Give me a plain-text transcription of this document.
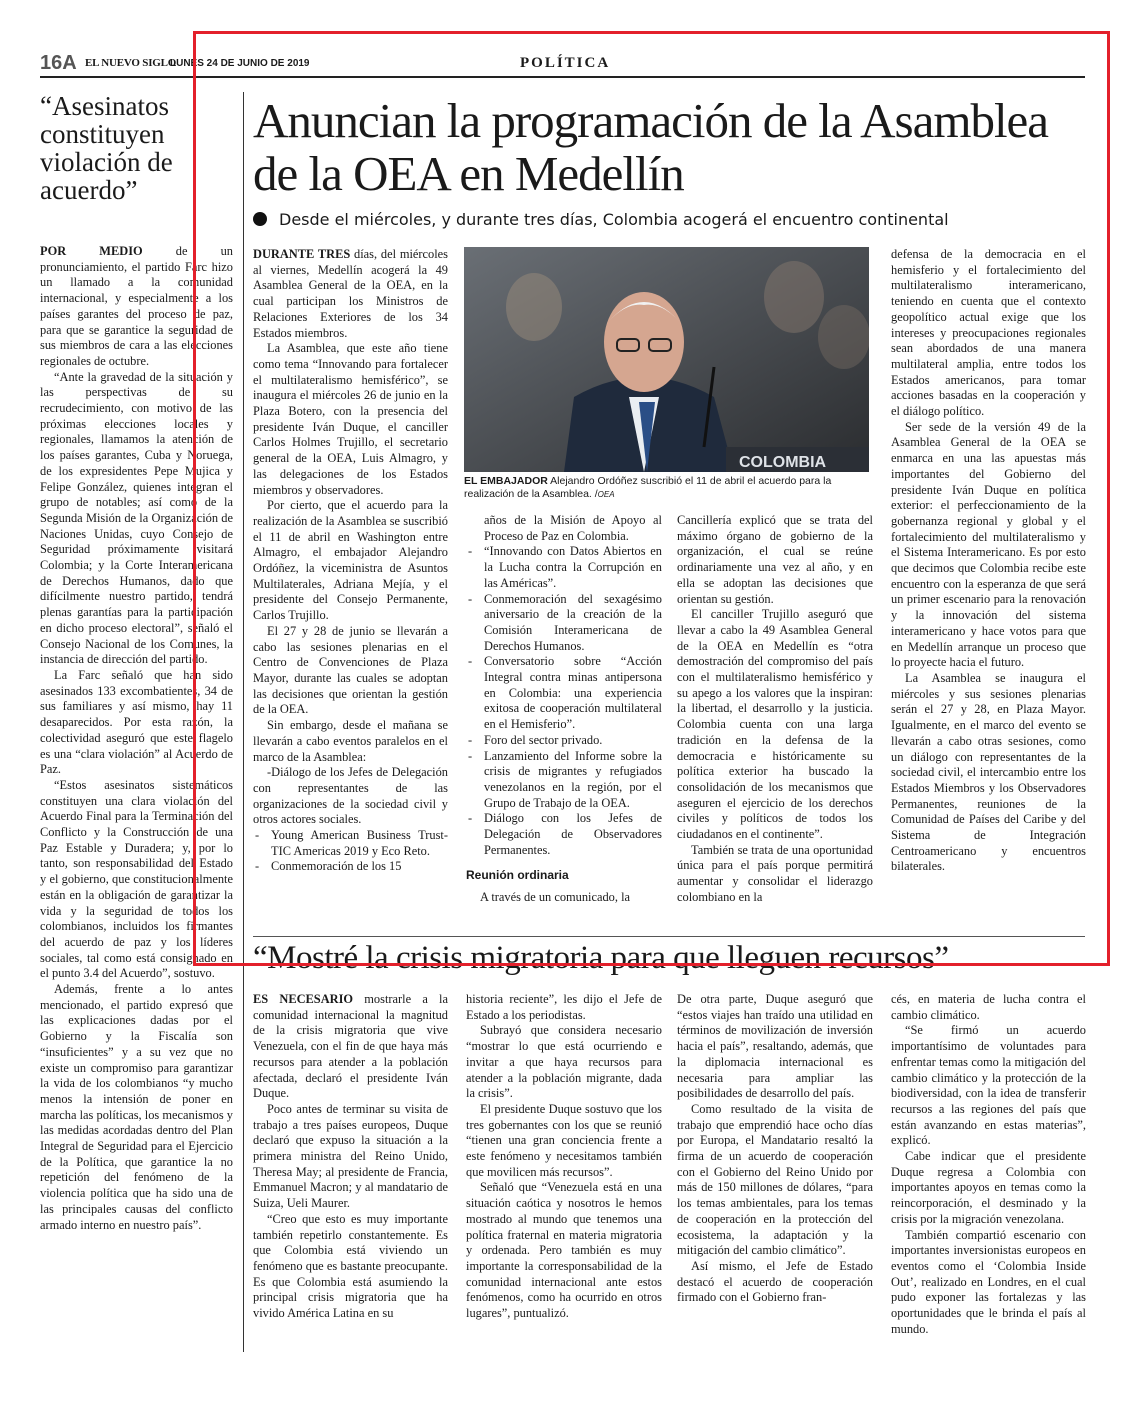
16A EL NUEVO SIGLO
LUNES 24 DE JUNIO DE 2019	POLÍTICA
“Asesinatos constituyen violación de acuerdo”

POR MEDIO de un pronunciamiento, el partido Farc hizo un llamado a la comunidad internacional, y especialmente a los países garantes del proceso de paz, para que se garantice la seguridad de sus miembros de cara a las elecciones regionales de octubre.

“Ante la gravedad de la situación y las perspectivas de su recrudecimiento, con motivo de las próximas elecciones locales y regionales, llamamos la atención de los países garantes, Cuba y Noruega, de los expresidentes Pepe Mujica y Felipe González, quienes integran el grupo de notables; así como de la Segunda Misión de la Organización de Naciones Unidas, cuyo Consejo de Seguridad próximamente visitará Colombia; y la Corte Interamericana de Derechos Humanos, dado que difícilmente nuestro partido, tendrá plenas garantías para la participación en dicho proceso electoral”, señaló el Consejo Nacional de los Comunes, la instancia de dirección del partido.

La Farc señaló que han sido asesinados 133 excombatientes, 34 de sus familiares y así mismo, hay 11 desaparecidos. Por esta razón, la colectividad aseguró que este flagelo es una “clara violación” al Acuerdo de Paz.

“Estos asesinatos sistemáticos constituyen una clara violación del Acuerdo Final para la Terminación del Conflicto y la Construcción de una Paz Estable y Duradera; y, por lo tanto, son responsabilidad del Estado y el gobierno, que constitucionalmente están en la obligación de garantizar la vida y la seguridad de todos los colombianos, incluidos los firmantes del acuerdo de paz y los líderes sociales, tal como está consignado en el punto 3.4 del Acuerdo”, sostuvo.

Además, frente a lo antes mencionado, el partido expresó que las explicaciones dadas por el Gobierno y la Fiscalía son “insuficientes” y a su vez que no existe un compromiso para garantizar la vida de los colombianos “y mucho menos la intensión de poner en marcha las políticas, los mecanismos y las medidas acordadas dentro del Plan Integral de Seguridad para el Ejercicio de la Política, que garantice la no repetición del fenómeno de la violencia política que ha sido una de las principales causas del conflicto armado interno en nuestro país”.

Anuncian la programación de la Asamblea de la OEA en Medellín
Desde el miércoles, y durante tres días, Colombia acogerá el encuentro continental
COLOMBIA
EL EMBAJADOR Alejandro Ordóñez suscribió el 11 de abril el acuerdo para la realización de la Asamblea. /OEA

DURANTE TRES días, del miércoles al viernes, Medellín acogerá la 49 Asamblea General de la OEA, en la cual participan los Ministros de Relaciones Exteriores de los 34 Estados miembros.

La Asamblea, que este año tiene como tema “Innovando para fortalecer el multilateralismo hemisférico”, se inaugura el miércoles 26 de junio en la Plaza Botero, con la presencia del presidente Iván Duque, el canciller Carlos Holmes Trujillo, el secretario general de la OEA, Luis Almagro, y las delegaciones de los Estados miembros y observadores.

Por cierto, que el acuerdo para la realización de la Asamblea se suscribió el 11 de abril en Washington entre Almagro, el embajador Alejandro Ordóñez, la viceministra de Asuntos Multilaterales, Adriana Mejía, y el presidente del Consejo Permanente, Carlos Trujillo.

El 27 y 28 de junio se llevarán a cabo las sesiones plenarias en el Centro de Convenciones de Plaza Mayor, durante las cuales se adoptan las decisiones que orientan la gestión de la OEA.

Sin embargo, desde el mañana se llevarán a cabo eventos paralelos en el marco de la Asamblea:

-Diálogo de los Jefes de Delegación con representantes de las organizaciones de la sociedad civil y otros actores sociales.

- Young American Business Trust-TIC Americas 2019 y Eco Reto.
- Conmemoración de los 15

años de la Misión de Apoyo al Proceso de Paz en Colombia.

- “Innovando con Datos Abiertos en la Lucha contra la Corrupción en las Américas”.
- Conmemoración del sexagésimo aniversario de la creación de la Comisión Interamericana de Derechos Humanos.
- Conversatorio sobre “Acción Integral contra minas antipersona en Colombia: una experiencia exitosa de cooperación multilateral en el Hemisferio”.
- Foro del sector privado.
- Lanzamiento del Informe sobre la crisis de migrantes y refugiados venezolanos en la región, por el Grupo de Trabajo de la OEA.
- Diálogo con los Jefes de Delegación de Observadores Permanentes.
Reunión ordinaria

A través de un comunicado, la

Cancillería explicó que se trata del máximo órgano de gobierno de la organización, el cual se reúne ordinariamente una vez al año, y en ella se adoptan las decisiones que orientan su gestión.

El canciller Trujillo aseguró que llevar a cabo la 49 Asamblea General de la OEA en Medellín es “otra demostración del compromiso del país con el multilateralismo hemisférico y su apego a los valores que la inspiran: la libertad, el desarrollo y la justicia. Colombia cuenta con una larga tradición en la defensa de la democracia e históricamente su política exterior ha buscado la consolidación de los mecanismos que aseguren el ejercicio de los derechos civiles y políticos de todos los ciudadanos en el continente”.

También se trata de una oportunidad única para el país porque permitirá aumentar y consolidar el liderazgo colombiano en la

defensa de la democracia en el hemisferio y el fortalecimiento del multilateralismo interamericano, teniendo en cuenta que el contexto geopolítico actual exige que los intereses y preocupaciones regionales sean abordados de una manera multilateral amplia, entre todos los Estados americanos, para tomar acciones basadas en la cooperación y el diálogo político.

Ser sede de la versión 49 de la Asamblea General de la OEA se enmarca en una las apuestas más importantes del Gobierno del presidente Iván Duque en política exterior: el perfeccionamiento de la gobernanza regional y global y el fortalecimiento del multilateralismo y el Sistema Interamericano. Es por esto que decimos que Colombia recibe este encuentro con la esperanza de que será un primer escenario para la renovación y la innovación del sistema interamericano y hace votos para que en Medellín arranque un proceso que lo proyecte hacia el futuro.

La Asamblea se inaugura el miércoles y sus sesiones plenarias serán el 27 y 28, en Plaza Mayor. Igualmente, en el marco del evento se llevarán a cabo otras sesiones, como un diálogo con representantes de la sociedad civil, el intercambio entre los Estados Miembros y los Observadores Permanentes, reuniones de la Comunidad de Países del Caribe y del Sistema de Integración Centroamericano y encuentros bilaterales.

“Mostré la crisis migratoria para que lleguen recursos”

ES NECESARIO mostrarle a la comunidad internacional la magnitud de la crisis migratoria que vive Venezuela, con el fin de que haya más recursos para atender a la población afectada, declaró el presidente Iván Duque.

Poco antes de terminar su visita de trabajo a tres países europeos, Duque declaró que expuso la situación a la primera ministra del Reino Unido, Theresa May; al presidente de Francia, Emmanuel Macron; y al mandatario de Suiza, Ueli Maurer.

“Creo que esto es muy importante también repetirlo constantemente. Es que Colombia está viviendo un fenómeno que es bastante preocupante. Es que Colombia está asumiendo la principal crisis migratoria que ha vivido América Latina en su

historia reciente”, les dijo el Jefe de Estado a los periodistas.

Subrayó que considera necesario “mostrar lo que está ocurriendo e invitar a que haya recursos para atender a la población migrante, dada la crisis”.

El presidente Duque sostuvo que los tres gobernantes con los que se reunió “tienen una gran conciencia frente a este fenómeno y necesitamos también que movilicen más recursos”.

Señaló que “Venezuela está en una situación caótica y nosotros le hemos mostrado al mundo que tenemos una política fraternal en materia migratoria y ordenada. Pero también es muy importante la corresponsabilidad de la comunidad internacional ante estos fenómenos, como ha ocurrido en otros lugares”, puntualizó.

De otra parte, Duque aseguró que “estos viajes han traído una utilidad en términos de movilización de inversión hacia el país”, resaltando, además, que la diplomacia internacional es necesaria para ampliar las posibilidades de desarrollo del país.

Como resultado de la visita de trabajo que emprendió hace ocho días por Europa, el Mandatario resaltó la firma de un acuerdo de cooperación con el Gobierno del Reino Unido por más de 150 millones de dólares, “para los temas ambientales, para los temas de cooperación en la protección del ecosistema, la adaptación y la mitigación del cambio climático”.

Así mismo, el Jefe de Estado destacó el acuerdo de cooperación firmado con el Gobierno fran-

cés, en materia de lucha contra el cambio climático.

“Se firmó un acuerdo importantísimo de voluntades para enfrentar temas como la mitigación del cambio climático y la protección de la biodiversidad, con la idea de transferir recursos a las regiones del país que están avanzando en estas materias”, explicó.

Cabe indicar que el presidente Duque regresa a Colombia con importantes apoyos en temas como la reincorporación, el desminado y la crisis por la migración venezolana.

También compartió escenario con importantes inversionistas europeos en eventos como el ‘Colombia Inside Out’, realizado en Londres, en el cual pudo exponer las fortalezas y las oportunidades que le brinda el país al mundo.
